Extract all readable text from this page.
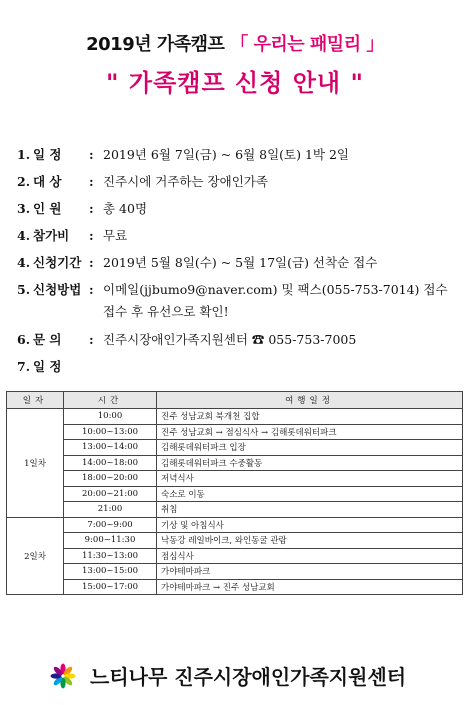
2019년 가족캠프 「 우리는 패밀리 」
" 가족캠프 신청 안내 "
1. 일 정	: 2019년 6월 7일(금) ~ 6월 8일(토) 1박 2일
2. 대 상	: 진주시에 거주하는 장애인가족
3. 인 원	: 총 40명
4. 참가비	: 무료
4. 신청기간 : 2019년 5월 8일(수) ~ 5월 17일(금) 선착순 접수
5. 신청방법 : 이메일(jjbumo9@naver.com) 및 팩스(055-753-7014) 접수
접수 후 유선으로 확인!
6. 문 의	: 진주시장애인가족지원센터 ☎ 055-753-7005
7. 일 정
일자	시간	여행일정
1일차	10:00	진주 성남교회 북개천 집합
	10:00~13:00	진주 성남교회 → 점심식사 → 김해롯데워터파크
	13:00~14:00	김해롯데워터파크 입장
	14:00~18:00	김해롯데워터파크 수중활동
	18:00~20:00	저녁식사
	20:00~21:00	숙소로 이동
	21:00	취침
2일차	7:00~9:00	기상 및 아침식사
	9:00~11:30	낙동강 레일바이크, 와인동굴 관람
	11:30~13:00	점심식사
	13:00~15:00	가야테마파크
	15:00~17:00	가야테마파크 → 진주 성남교회
느티나무 진주시장애인가족지원센터
